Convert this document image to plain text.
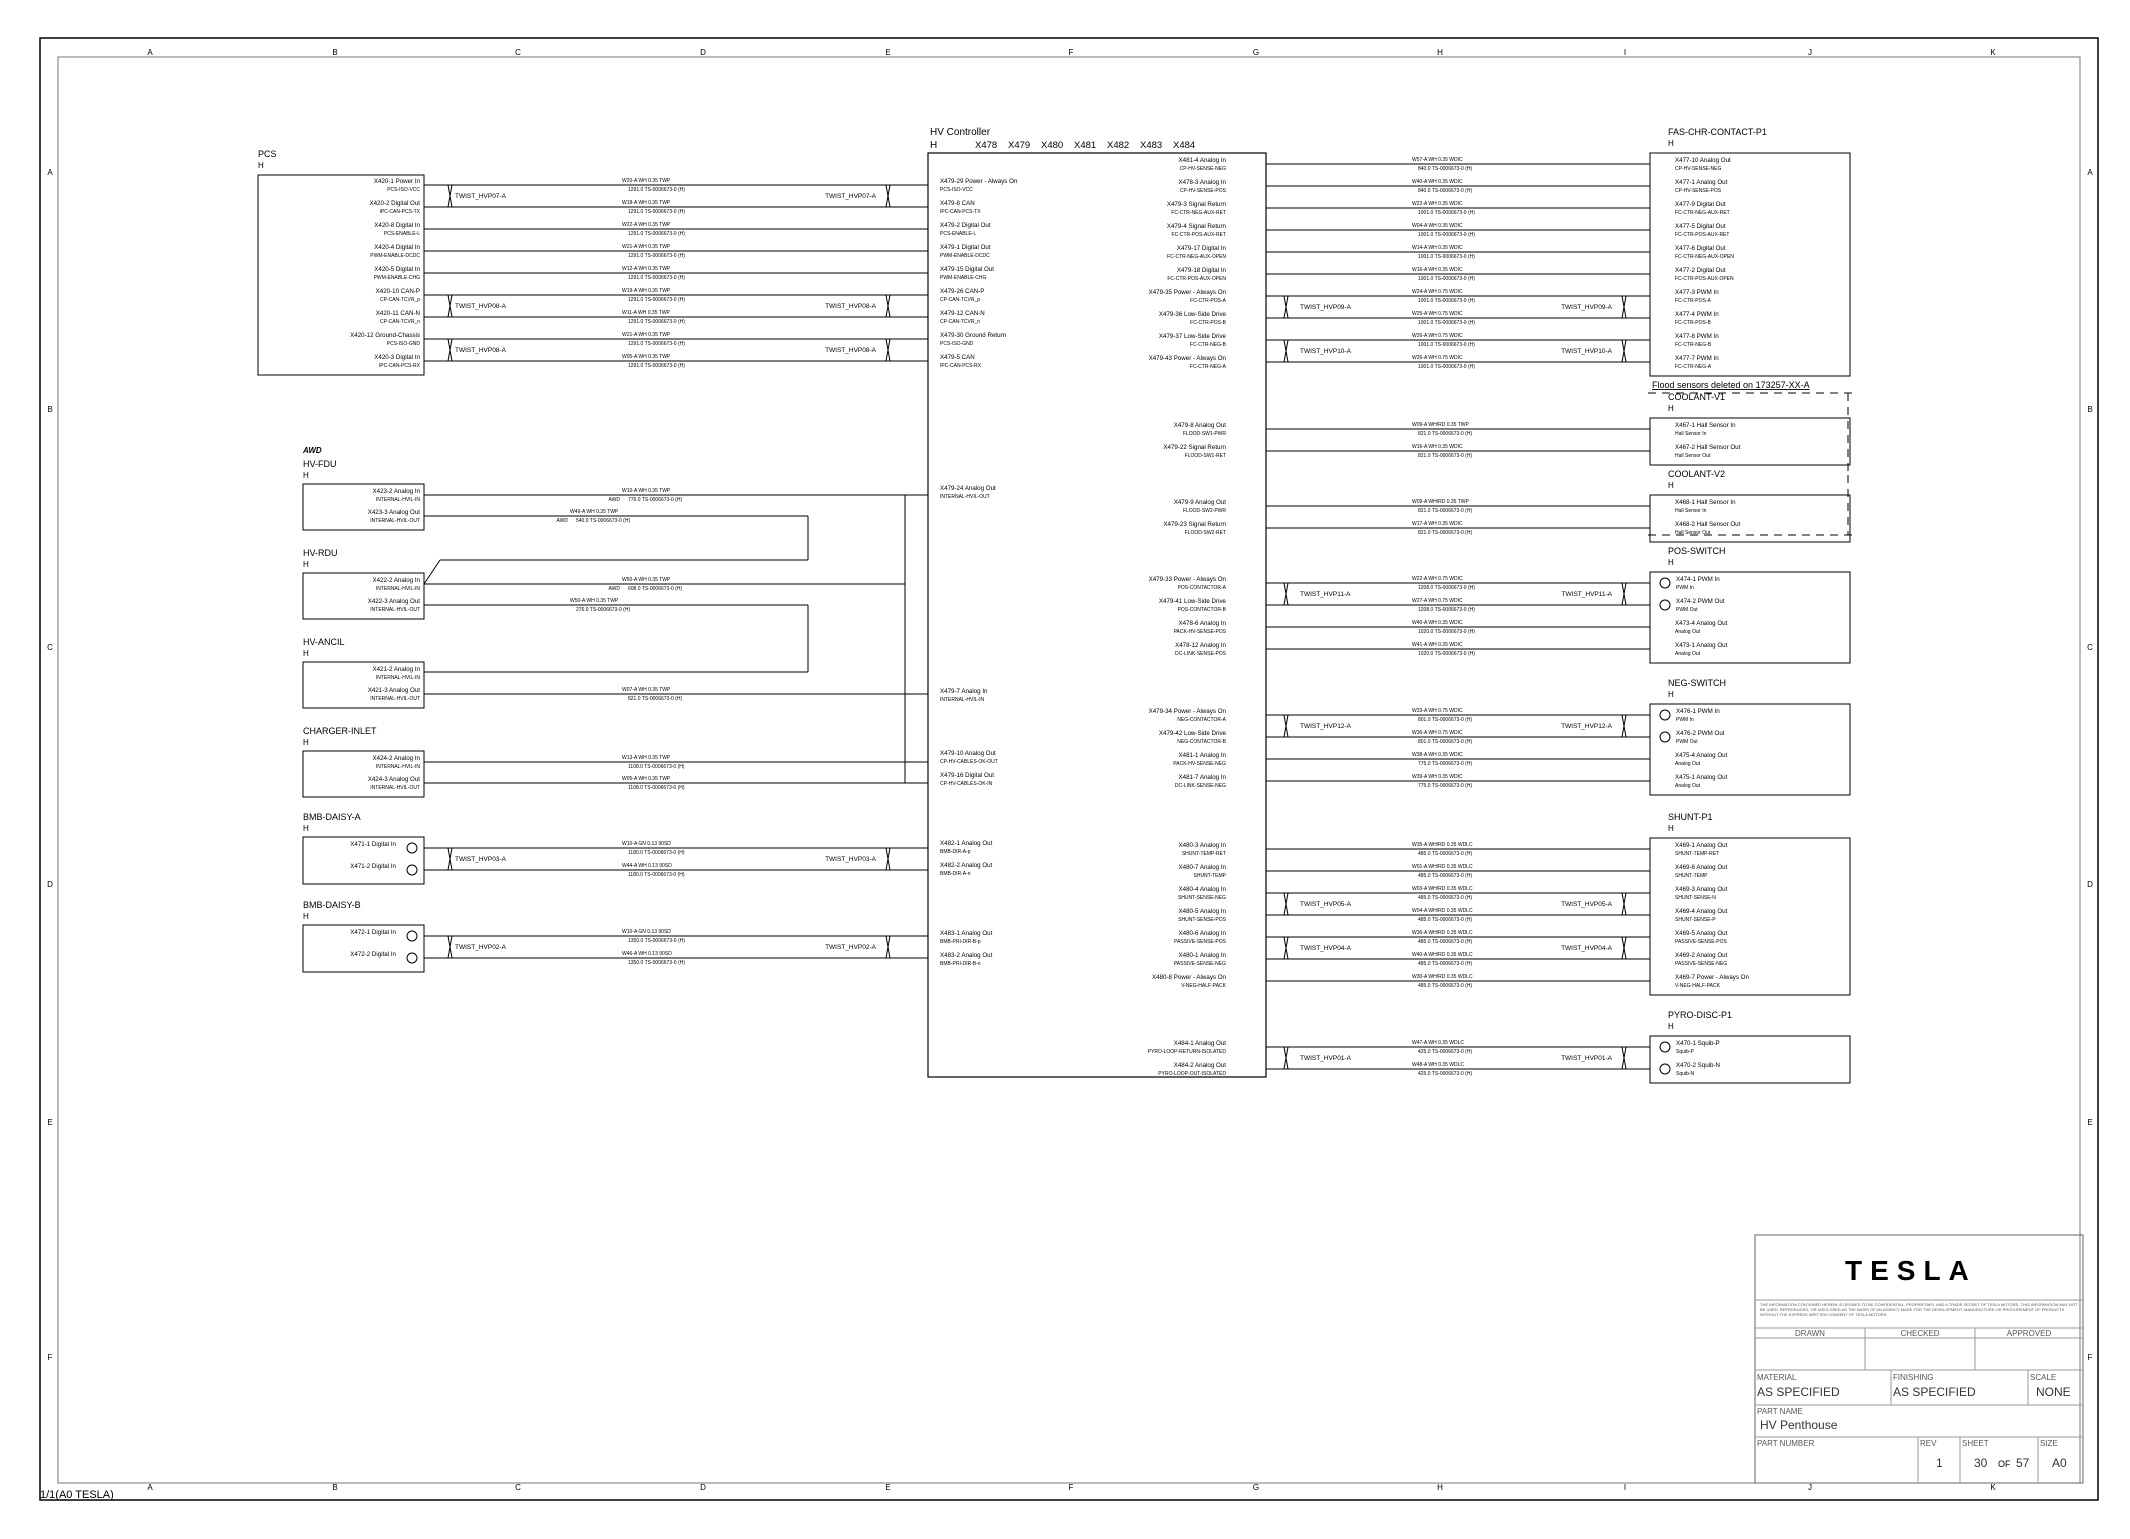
A
A
B
B
C
C
D
D
E
E
F
F
G
G
H
H
I
I
J
J
K
K
A	A
B	B
C	C
D	D
E	E
F	F
1/1(A0 TESLA)
HV Controller
H	X478 X479 X480 X481 X482 X483 X484
X479-29 Power - Always On
PCS-ISO-VCC
X479-8 CAN
IPC-CAN-PCS-TX
X479-2 Digital Out
PCS-ENABLE-L
X479-1 Digital Out
PWM-ENABLE-DCDC
X479-15 Digital Out
PWM-ENABLE-CHG
X479-26 CAN-P
CP-CAN-TCVR_p
X479-12 CAN-N
CP-CAN-TCVR_n
X479-30 Ground Return
PCS-ISO-GND
X479-5 CAN
IPC-CAN-PCS-RX
X479-24 Analog Out
INTERNAL-HVIL-OUT
X479-7 Analog In
INTERNAL-HVIL-IN
X479-10 Analog Out
CP-HV-CABLES-OK-OUT
X479-16 Digital Out
CP-HV-CABLES-OK-IN
X482-1 Analog Out
BMB-DIR-A-p
X482-2 Analog Out
BMB-DIR-A-n
X483-1 Analog Out
BMB-PRI-DIR-B-p
X483-2 Analog Out
BMB-PRI-DIR-B-n
X481-4 Analog In
CP-HV-SENSE-NEG
X478-3 Analog In
CP-HV-SENSE-POS
X479-3 Signal Return
FC-CTR-NEG-AUX-RET
X479-4 Signal Return
FC-CTR-POS-AUX-RET
X479-17 Digital In
FC-CTR-NEG-AUX-OPEN
X479-18 Digital In
FC-CTR-POS-AUX-OPEN
X479-35 Power - Always On
FC-CTR-POS-A
X479-36 Low-Side Drive
FC-CTR-POS-B
X479-37 Low-Side Drive
FC-CTR-NEG-B
X479-43 Power - Always On
FC-CTR-NEG-A
X479-8 Analog Out
FLOOD-SW1-PWR
X479-22 Signal Return
FLOOD-SW1-RET
X479-9 Analog Out
FLOOD-SW2-PWR
X479-23 Signal Return
FLOOD-SW2-RET
X479-33 Power - Always On
POS-CONTACTOR-A
X479-41 Low-Side Drive
POS-CONTACTOR-B
X478-6 Analog In
PACK-HV-SENSE-POS
X478-12 Analog In
DC-LINK-SENSE-POS
X479-34 Power - Always On
NEG-CONTACTOR-A
X479-42 Low-Side Drive
NEG-CONTACTOR-B
X481-1 Analog In
PACK-HV-SENSE-NEG
X481-7 Analog In
DC-LINK-SENSE-NEG
X480-3 Analog In
SHUNT-TEMP-RET
X480-7 Analog In
SHUNT-TEMP
X480-4 Analog In
SHUNT-SENSE-NEG
X480-5 Analog In
SHUNT-SENSE-POS
X480-6 Analog In
PASSIVE-SENSE-POS
X480-1 Analog In
PASSIVE-SENSE-NEG
X480-8 Power - Always On
V-NEG-HALF-PACK
X484-1 Analog Out
PYRO-LOOP-RETURN-ISOLATED
X484-2 Analog Out
PYRO-LOOP-OUT-ISOLATED
PCS
H
X420-1 Power In
PCS-ISO-VCC
X420-2 Digital Out
IPC-CAN-PCS-TX
X420-8 Digital In
PCS-ENABLE-L
X420-4 Digital In
PWM-ENABLE-DCDC
X420-5 Digital In
PWM-ENABLE-CHG
X420-10 CAN-P
CP-CAN-TCVR_p
X420-11 CAN-N
CP-CAN-TCVR_n
X420-12 Ground-Chassis
PCS-ISO-GND
X420-3 Digital In
IPC-CAN-PCS-RX
AWD
HV-FDU
H
X423-2 Analog In
INTERNAL-HVIL-IN
X423-3 Analog Out
INTERNAL-HVIL-OUT
HV-RDU
H
X422-2 Analog In
INTERNAL-HVIL-IN
X422-3 Analog Out
INTERNAL-HVIL-OUT
HV-ANCIL
H
X421-2 Analog In
INTERNAL-HVIL-IN
X421-3 Analog Out
INTERNAL-HVIL-OUT
CHARGER-INLET
H
X424-2 Analog In
INTERNAL-HVIL-IN
X424-3 Analog Out
INTERNAL-HVIL-OUT
BMB-DAISY-A
H
X471-1 Digital In
X471-2 Digital In
BMB-DAISY-B
H
X472-1 Digital In
X472-2 Digital In
FAS-CHR-CONTACT-P1
H
X477-10 Analog Out
CP-HV-SENSE-NEG
X477-1 Analog Out
CP-HV-SENSE-POS
X477-9 Digital Out
FC-CTR-NEG-AUX-RET
X477-5 Digital Out
FC-CTR-POS-AUX-RET
X477-6 Digital Out
FC-CTR-NEG-AUX-OPEN
X477-2 Digital Out
FC-CTR-POS-AUX-OPEN
X477-3 PWM In
FC-CTR-POS-A
X477-4 PWM In
FC-CTR-POS-B
X477-8 PWM In
FC-CTR-NEG-B
X477-7 PWM In
FC-CTR-NEG-A
COOLANT-V1
H
X467-1 Hall Sensor In
Hall Sensor In
X467-2 Hall Sensor Out
Hall Sensor Out
COOLANT-V2
H
X468-1 Hall Sensor In
Hall Sensor In
X468-2 Hall Sensor Out
Hall Sensor Out
POS-SWITCH
H
X474-1 PWM In
PWM In
X474-2 PWM Out
PWM Out
X473-4 Analog Out
Analog Out
X473-1 Analog Out
Analog Out
NEG-SWITCH
H
X476-1 PWM In
PWM In
X476-2 PWM Out
PWM Out
X475-4 Analog Out
Analog Out
X475-1 Analog Out
Analog Out
SHUNT-P1
H
X469-1 Analog Out
SHUNT-TEMP-RET
X469-6 Analog Out
SHUNT-TEMP
X469-3 Analog Out
SHUNT-SENSE-N
X469-4 Analog Out
SHUNT-SENSE-P
X469-5 Analog Out
PASSIVE-SENSE-POS
X469-2 Analog Out
PASSIVE-SENSE-NEG
X469-7 Power - Always On
V-NEG-HALF-PACK
PYRO-DISC-P1
H
X470-1 Squib-P
Squib-P
X470-2 Squib-N
Squib-N
W20-A WH 0.35 TWP
1291.0 TS-0006673-0 (H)
W18-A WH 0.35 TWP
1291.0 TS-0006673-0 (H)
W22-A WH 0.35 TWP
1291.0 TS-0006673-0 (H)
W21-A WH 0.35 TWP
1291.0 TS-0006673-0 (H)
W12-A WH 0.35 TWP
1291.0 TS-0006673-0 (H)
W19-A WH 0.35 TWP
1291.0 TS-0006673-0 (H)
W11-A WH 0.35 TWP
1291.0 TS-0006673-0 (H)
W21-A WH 0.35 TWP
1291.0 TS-0006673-0 (H)
W05-A WH 0.35 TWP
1291.0 TS-0006673-0 (H)
W10-A GN 0.13 90SD
1180.0 TS-0006673-0 (H)
W44-A WH 0.13 90SD
1180.0 TS-0006673-0 (H)
W10-A GN 0.13 90SD
1350.0 TS-0006673-0 (H)
W46-A WH 0.13 90SD
1350.0 TS-0006673-0 (H)
W10-A WH 0.35 TWP
776.0 TS-0006673-0 (H)
AWD
W49-A WH 0.35 TWP
540.0 TS-0006673-0 (H)
AWD
W50-A WH 0.35 TWP
608.0 TS-0006673-0 (H)
AWD
W50-A WH 0.35 TWP
276.0 TS-0006673-0 (H)
W07-A WH 0.35 TWP
821.0 TS-0006673-0 (H)
W13-A WH 0.35 TWP
1108.0 TS-0006673-0 (H)
W05-A WH 0.35 TWP
1108.0 TS-0006673-0 (H)
W57-A WH 0.35 WDIC
840.0 TS-0006673-0 (H)
W40-A WH 0.35 WDIC
840.0 TS-0006673-0 (H)
W22-A WH 0.35 WDIC
1001.0 TS-0006673-0 (H)
W04-A WH 0.35 WDIC
1001.0 TS-0006673-0 (H)
W14-A WH 0.35 WDIC
1001.0 TS-0006673-0 (H)
W16-A WH 0.35 WDIC
1001.0 TS-0006673-0 (H)
W24-A WH 0.75 WDIC
1001.0 TS-0006673-0 (H)
W25-A WH 0.75 WDIC
1001.0 TS-0006673-0 (H)
W26-A WH 0.75 WDIC
1001.0 TS-0006673-0 (H)
W26-A WH 0.75 WDIC
1001.0 TS-0006673-0 (H)
W09-A WH/RD 0.35 TWP
821.0 TS-0006673-0 (H)
W16-A WH 0.35 WDIC
821.0 TS-0006673-0 (H)
W09-A WH/RD 0.35 TWP
821.0 TS-0006673-0 (H)
W17-A WH 0.35 WDIC
821.0 TS-0006673-0 (H)
W22-A WH 0.75 WDIC
1208.0 TS-0006673-0 (H)
W27-A WH 0.75 WDIC
1208.0 TS-0006673-0 (H)
W40-A WH 0.35 WDIC
1020.0 TS-0006673-0 (H)
W41-A WH 0.35 WDIC
1020.0 TS-0006673-0 (H)
W33-A WH 0.75 WDIC
801.0 TS-0006673-0 (H)
W36-A WH 0.75 WDIC
801.0 TS-0006673-0 (H)
W38-A WH 0.35 WDIC
775.0 TS-0006673-0 (H)
W39-A WH 0.35 WDIC
775.0 TS-0006673-0 (H)
W35-A WH/RD 0.35 WDLC
485.0 TS-0006673-0 (H)
W01-A WH/RD 0.35 WDLC
485.0 TS-0006673-0 (H)
W03-A WH/RD 0.35 WDLC
485.0 TS-0006673-0 (H)
W04-A WH/RD 0.35 WDLC
485.0 TS-0006673-0 (H)
W36-A WH/RD 0.35 WDLC
485.0 TS-0006673-0 (H)
W40-A WH/RD 0.35 WDLC
485.0 TS-0006673-0 (H)
W30-A WH/RD 0.35 WDLC
485.0 TS-0006673-0 (H)
W47-A WH 0.35 WDLC
425.0 TS-0006673-0 (H)
W48-A WH 0.35 WDLC
425.0 TS-0006673-0 (H)
TWIST_HVP07-A	TWIST_HVP07-A
TWIST_HVP08-A	TWIST_HVP08-A
TWIST_HVP08-A	TWIST_HVP08-A
TWIST_HVP03-A	TWIST_HVP03-A
TWIST_HVP02-A	TWIST_HVP02-A
TWIST_HVP09-A	TWIST_HVP09-A
TWIST_HVP10-A	TWIST_HVP10-A
TWIST_HVP11-A	TWIST_HVP11-A
TWIST_HVP12-A	TWIST_HVP12-A
TWIST_HVP05-A	TWIST_HVP05-A
TWIST_HVP04-A	TWIST_HVP04-A
TWIST_HVP01-A	TWIST_HVP01-A
Flood sensors deleted on 173257-XX-A
TESLA
THE INFORMATION CONTAINED HEREIN IS DEEMED TO BE CONFIDENTIAL, PROPRIETARY, AND A TRADE SECRET OF TESLA MOTORS. THIS INFORMATION MAY NOT BE USED, REPRODUCED, OR DISCLOSED AS THE BASIS OF AN AGENCY MADE FOR THE DEVELOPMENT, MANUFACTURE OR PROCUREMENT OF PRODUCTS WITHOUT THE EXPRESS WRITTEN CONSENT OF TESLA MOTORS.
DRAWN	CHECKED	APPROVED
MATERIAL
AS SPECIFIED
FINISHING
AS SPECIFIED
SCALE
NONE
PART NAME
HV Penthouse
PART NUMBER	REV
1
SHEET
30 OF 57
SIZE
A0
